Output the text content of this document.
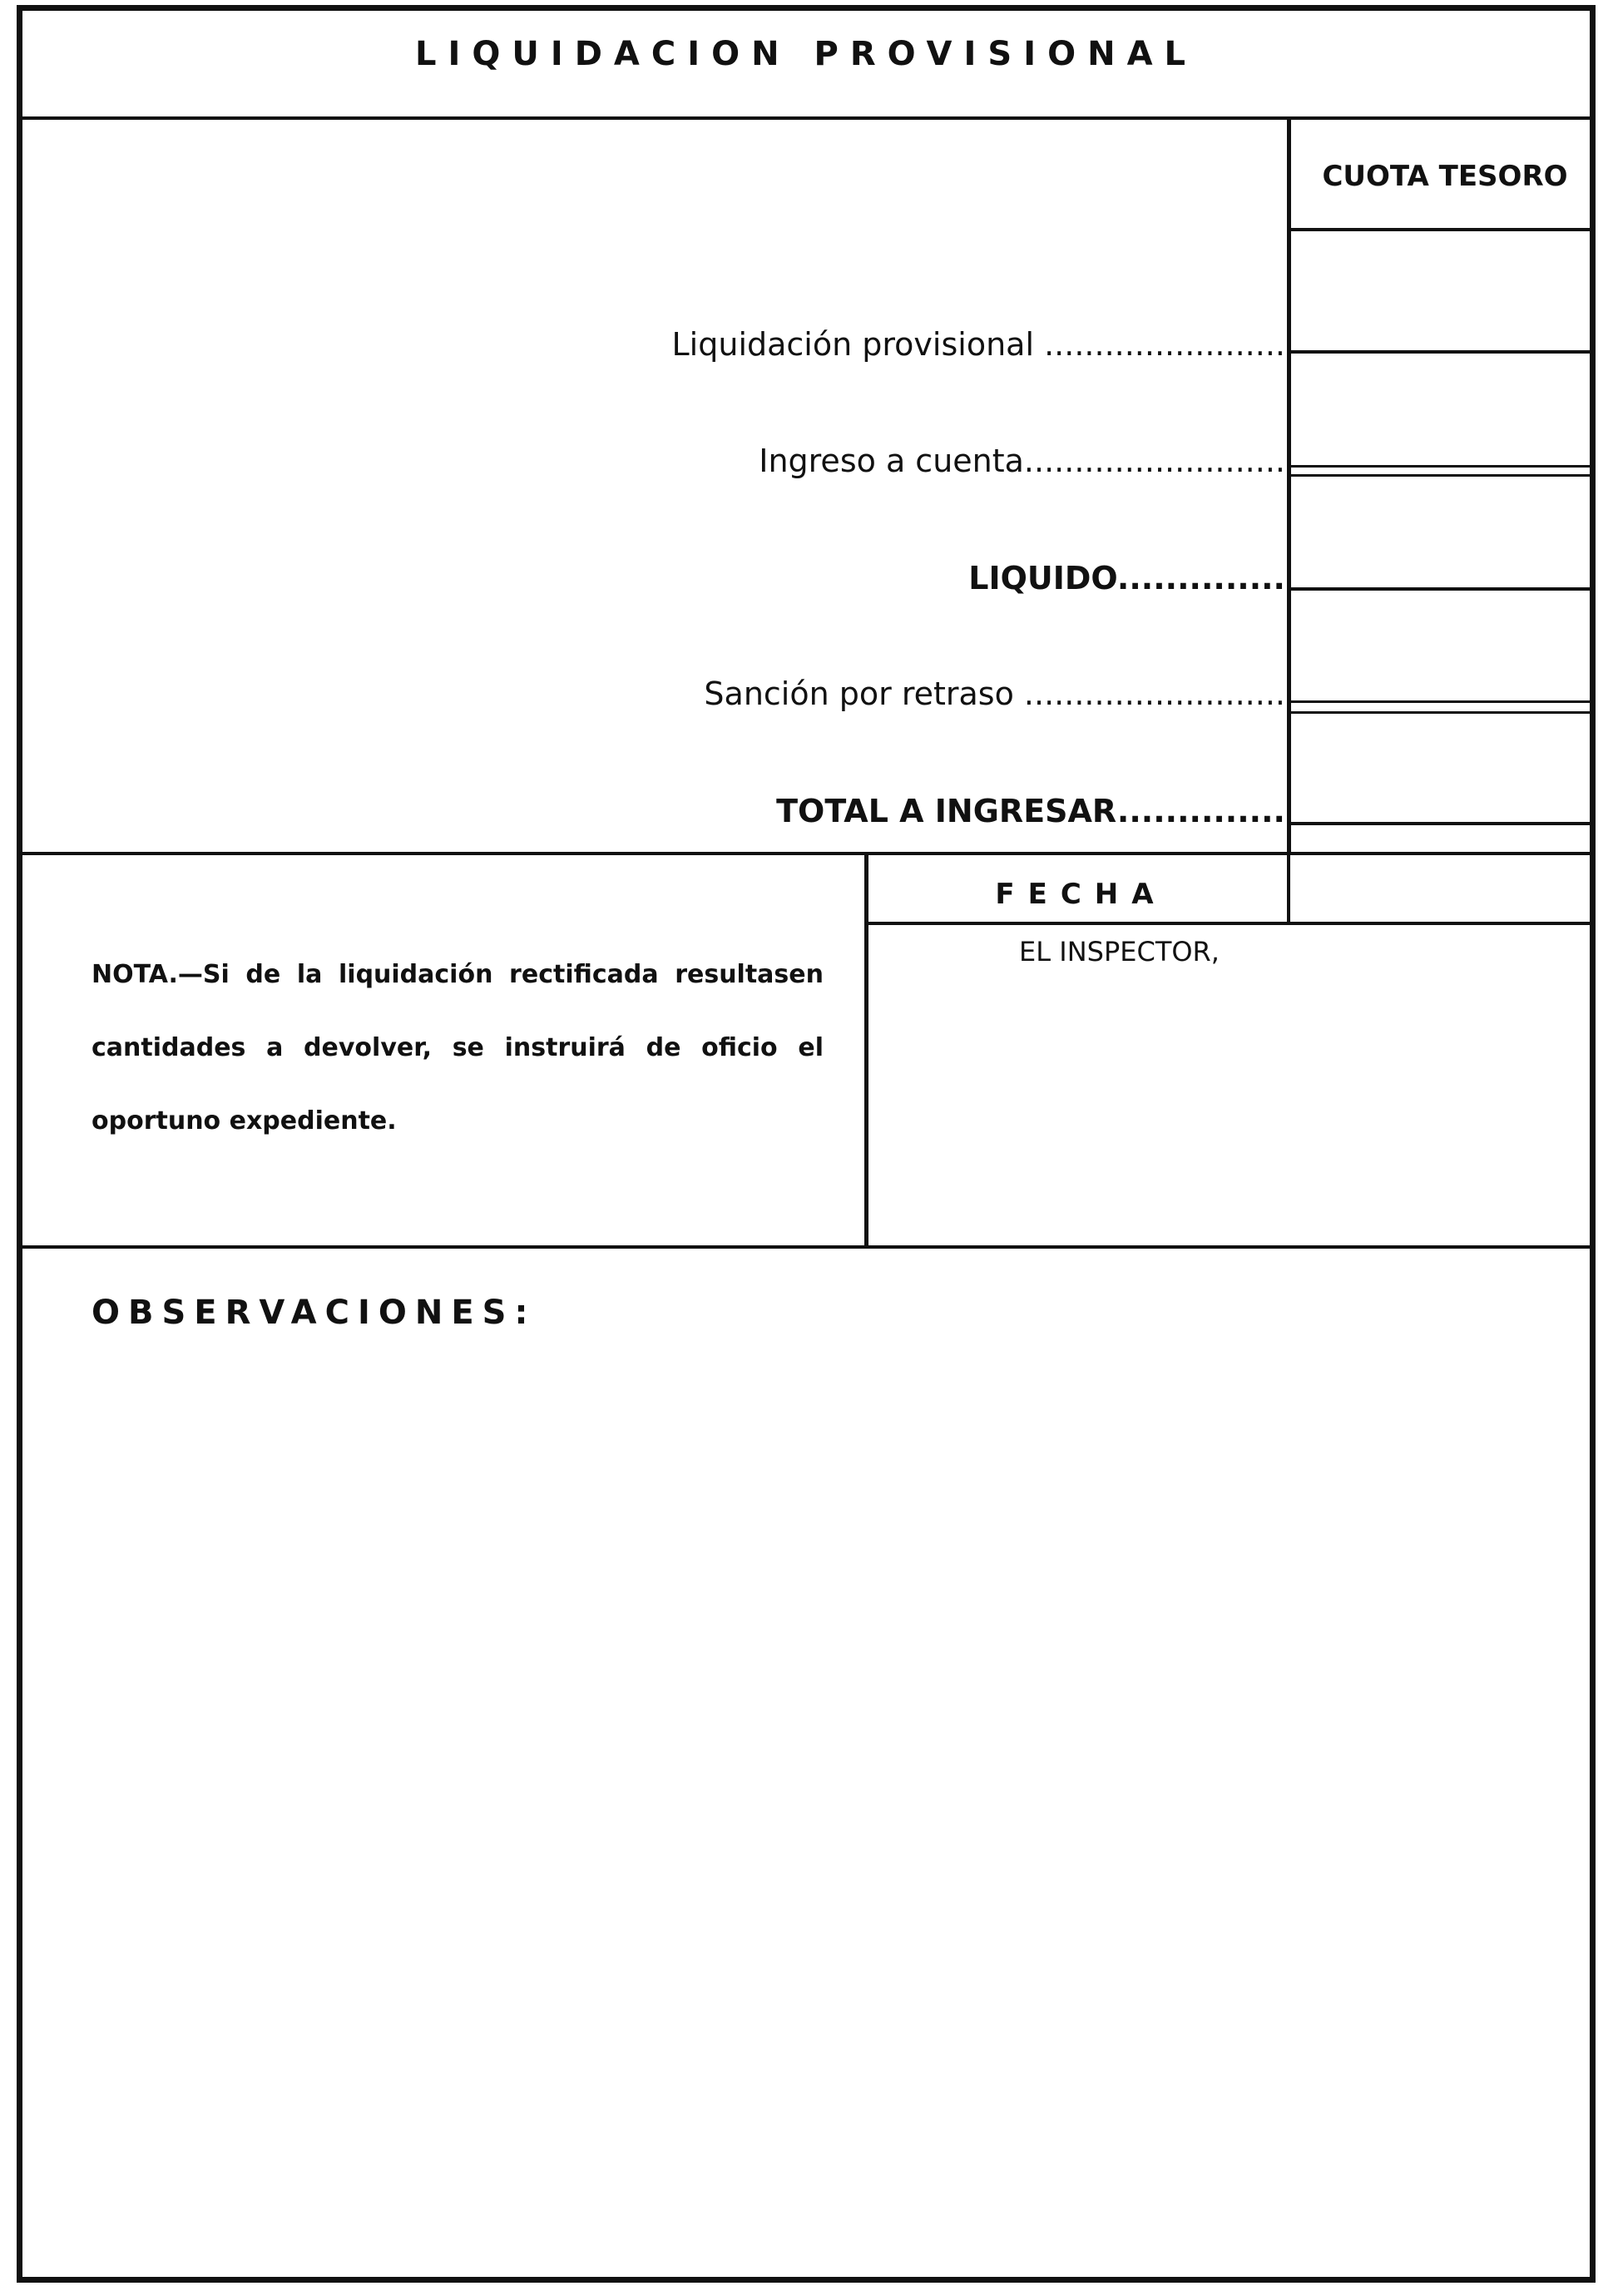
LIQUIDACION PROVISIONAL
CUOTA TESORO
Liquidación provisional ........................
Ingreso a cuenta..........................
LIQUIDO..............
Sanción por retraso ..........................
TOTAL A INGRESAR..............
FECHA
EL INSPECTOR,
NOTA.—Si de la liquidación rectificada resultasen cantidades a devolver, se instruirá de oficio el oportuno expediente.
OBSERVACIONES:
